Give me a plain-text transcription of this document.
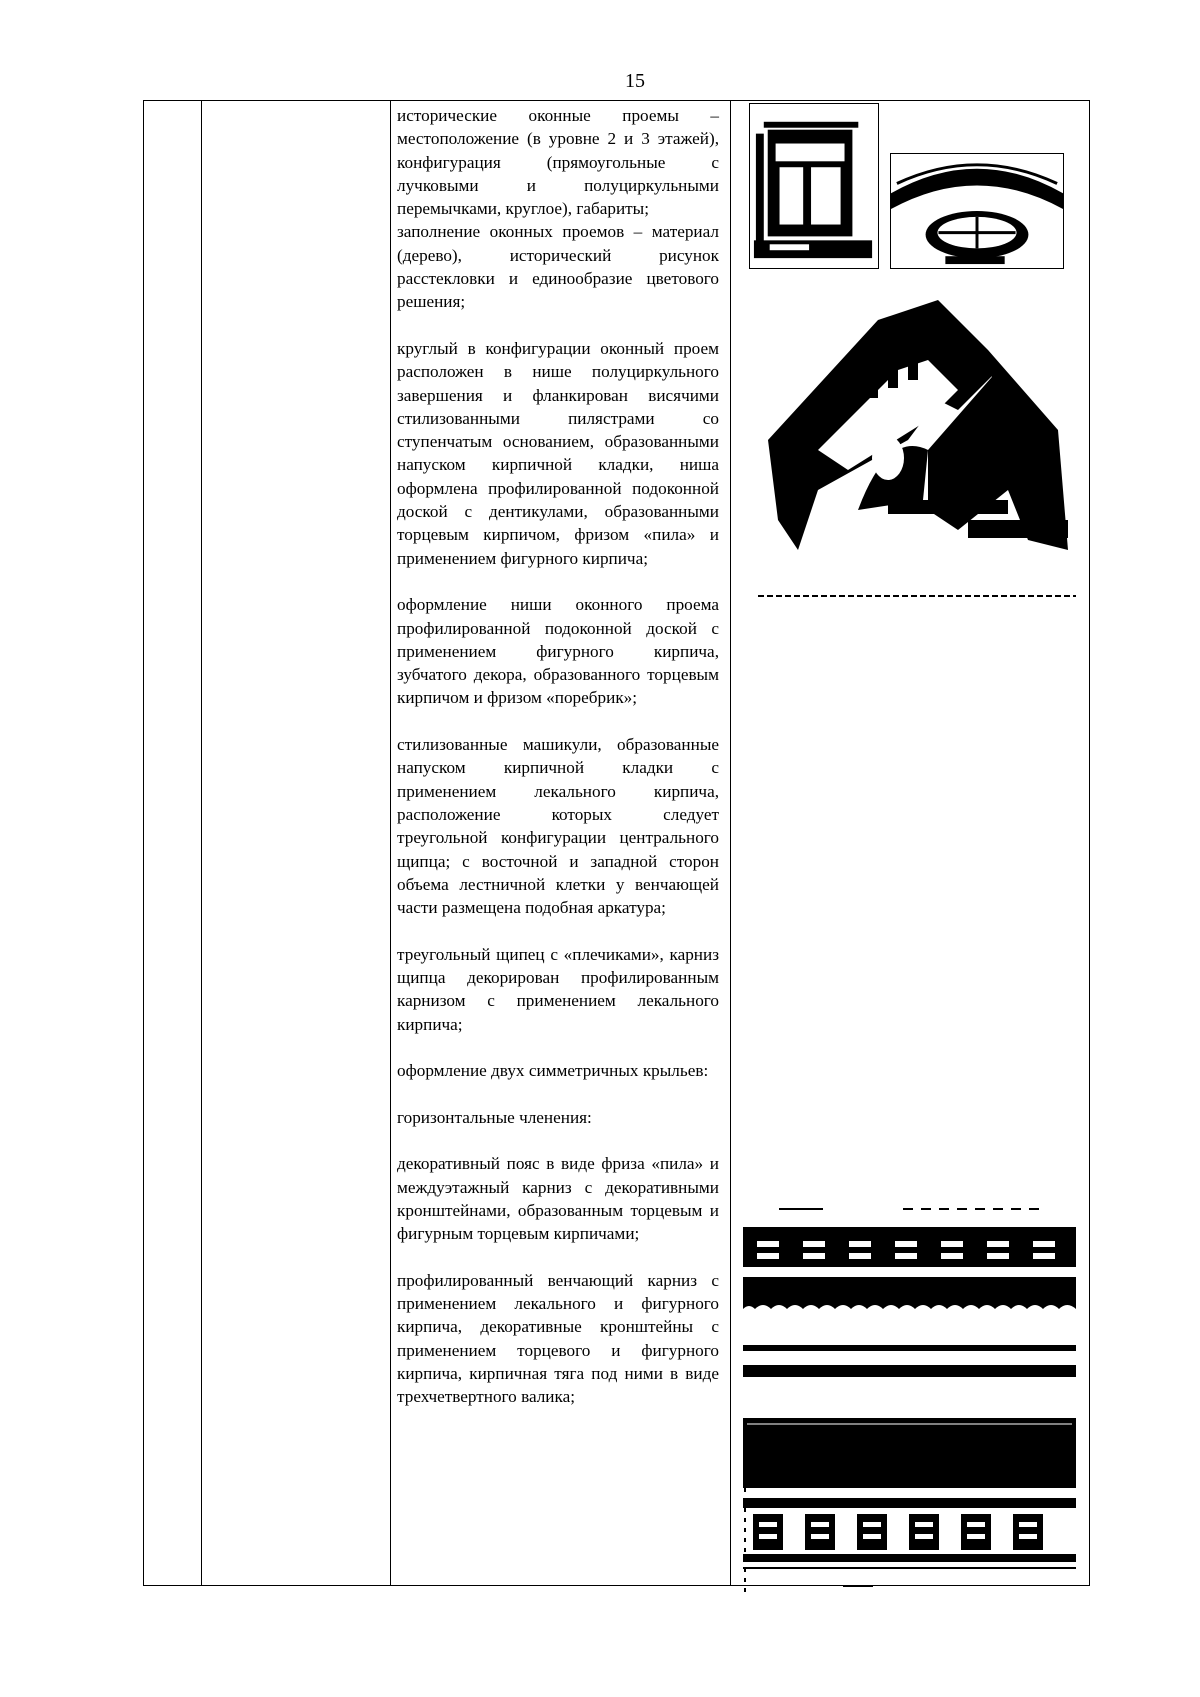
15

исторические оконные проемы – местоположение (в уровне 2 и 3 этажей), конфигурация (прямоугольные с лучковыми и полуциркульными перемычками, круглое), габариты;
заполнение оконных проемов – материал (дерево), исторический рисунок расстекловки и единообразие цветового решения;

круглый в конфигурации оконный проем расположен в нише полуциркульного завершения и фланкирован висячими стилизованными пилястрами со ступенчатым основанием, образованными напуском кирпичной кладки, ниша оформлена профилированной подоконной доской с дентикулами, образованными торцевым кирпичом, фризом «пила» и применением фигурного кирпича;

оформление ниши оконного проема профилированной подоконной доской с применением фигурного кирпича, зубчатого декора, образованного торцевым кирпичом и фризом «поребрик»;

стилизованные машикули, образованные напуском кирпичной кладки с применением лекального кирпича, расположение которых следует треугольной конфигурации центрального щипца; с восточной и западной сторон объема лестничной клетки у венчающей части размещена подобная аркатура;

треугольный щипец с «плечиками», карниз щипца декорирован профилированным карнизом с применением лекального кирпича;

оформление двух симметричных крыльев:

горизонтальные членения:

декоративный пояс в виде фриза «пила» и междуэтажный карниз с декоративными кронштейнами, образованным торцевым и фигурным торцевым кирпичами;

профилированный венчающий карниз с применением лекального и фигурного кирпича, декоративные кронштейны с применением торцевого и фигурного кирпича, кирпичная тяга под ними в виде трехчетвертного валика;
